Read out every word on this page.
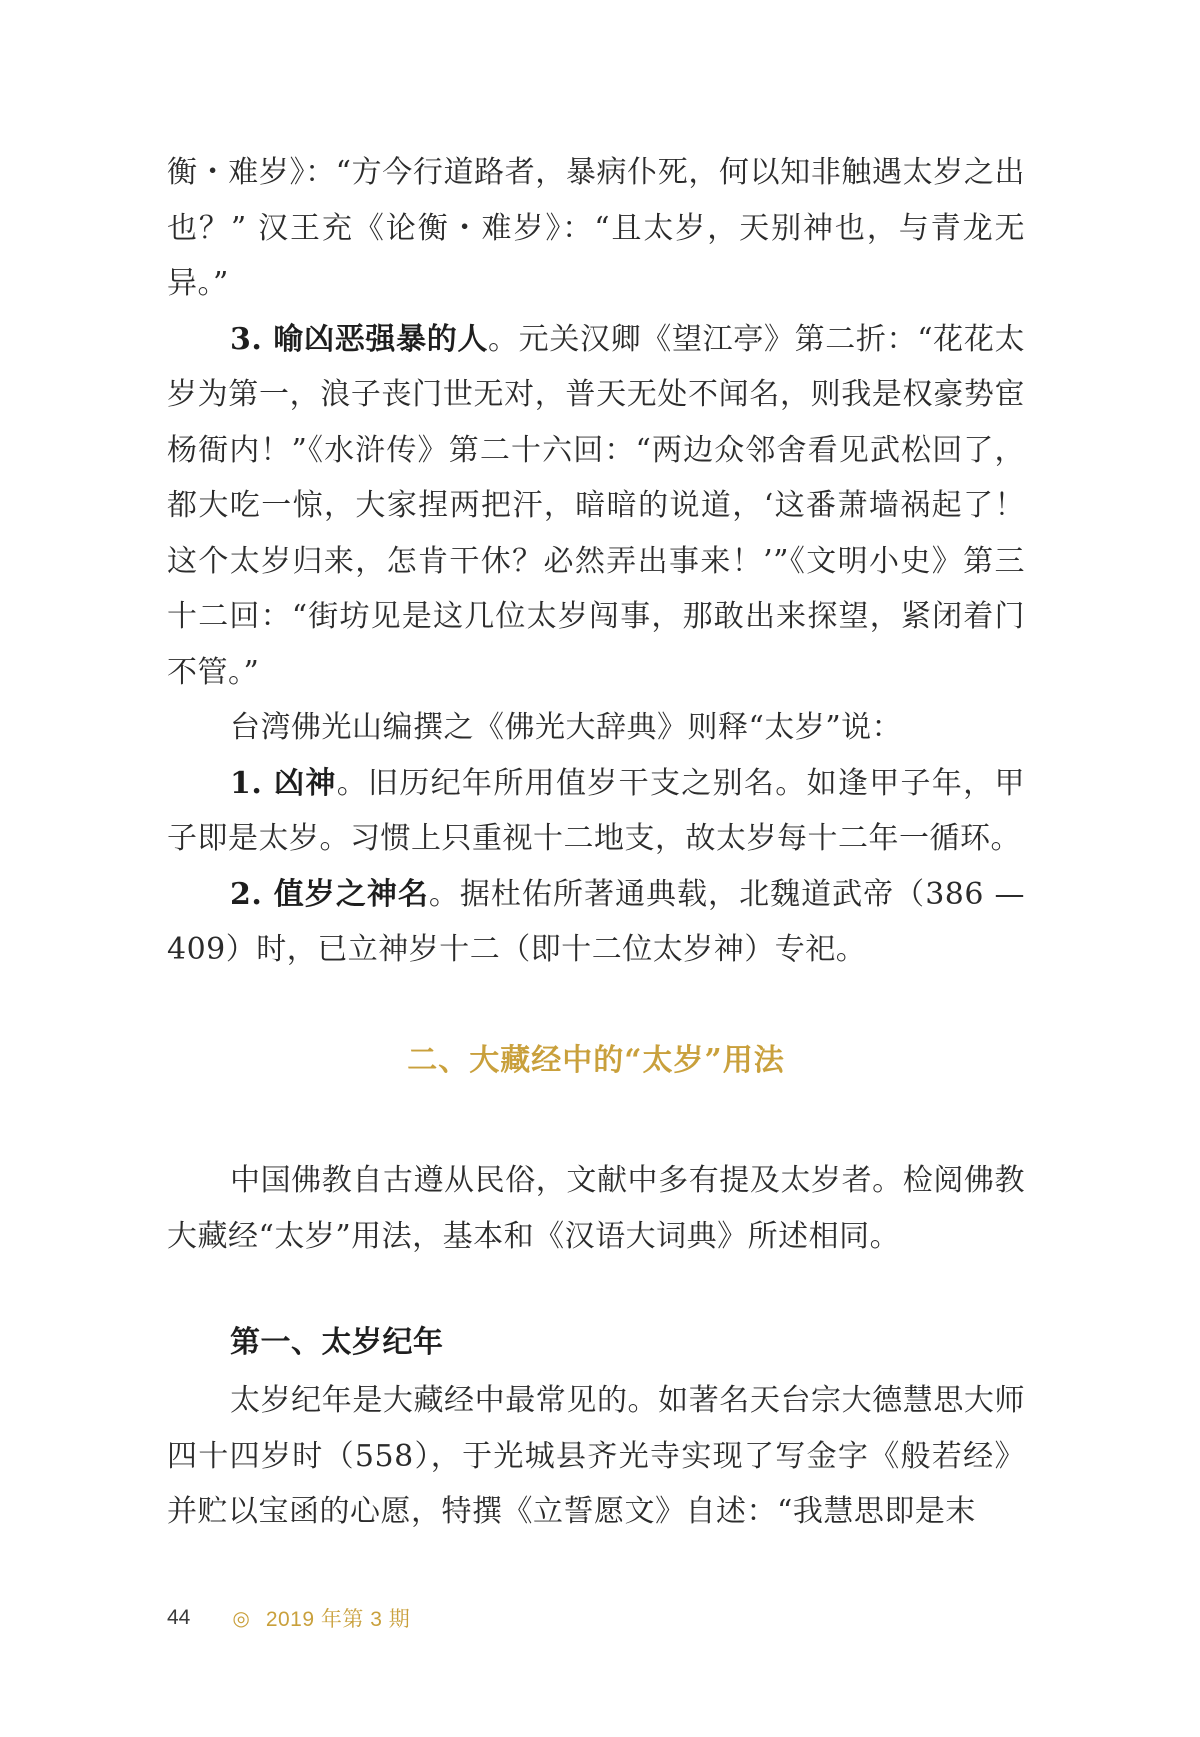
衡・难岁》：“方今行道路者，暴病仆死，何以知非触遇太岁之出也？” 汉王充《论衡・难岁》：“且太岁，天别神也，与青龙无异。”

3. 喻凶恶强暴的人。元关汉卿《望江亭》第二折：“花花太岁为第一，浪子丧门世无对，普天无处不闻名，则我是权豪势宦杨衙内！”《水浒传》第二十六回：“两边众邻舍看见武松回了，都大吃一惊，大家捏两把汗，暗暗的说道，‘这番萧墙祸起了！这个太岁归来，怎肯干休？必然弄出事来！’”《文明小史》第三十二回：“街坊见是这几位太岁闯事，那敢出来探望，紧闭着门不管。”

台湾佛光山编撰之《佛光大辞典》则释“太岁”说：

1. 凶神。旧历纪年所用值岁干支之别名。如逢甲子年，甲子即是太岁。习惯上只重视十二地支，故太岁每十二年一循环。

2. 值岁之神名。据杜佑所著通典载，北魏道武帝（386 — 409）时，已立神岁十二（即十二位太岁神）专祀。

二、大藏经中的“太岁”用法

中国佛教自古遵从民俗，文献中多有提及太岁者。检阅佛教大藏经“太岁”用法，基本和《汉语大词典》所述相同。

第一、太岁纪年

太岁纪年是大藏经中最常见的。如著名天台宗大德慧思大师四十四岁时（558），于光城县齐光寺实现了写金字《般若经》并贮以宝函的心愿，特撰《立誓愿文》自述：“我慧思即是末

44 ◎ 2019 年第 3 期
